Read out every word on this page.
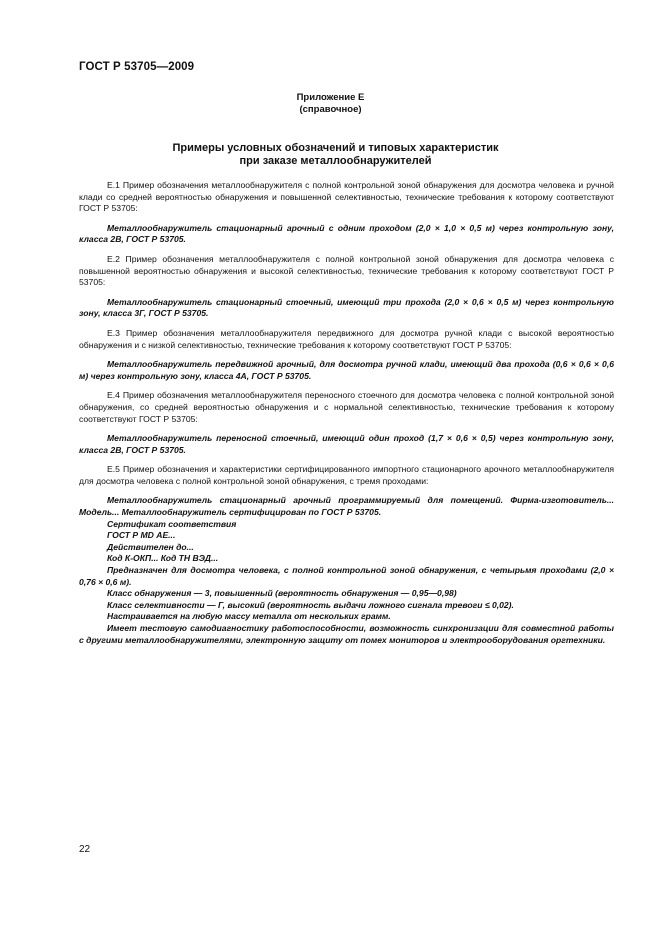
ГОСТ Р 53705—2009
Приложение Е
(справочное)
Примеры условных обозначений и типовых характеристик
при заказе металлообнаружителей

Е.1 Пример обозначения металлообнаружителя с полной контрольной зоной обнаружения для досмотра человека и ручной клади со средней вероятностью обнаружения и повышенной селективностью, технические требования к которому соответствуют ГОСТ Р 53705:

Металлообнаружитель стационарный арочный с одним проходом (2,0 × 1,0 × 0,5 м) через контрольную зону, класса 2В, ГОСТ Р 53705.

Е.2 Пример обозначения металлообнаружителя с полной контрольной зоной обнаружения для досмотра человека с повышенной вероятностью обнаружения и высокой селективностью, технические требования к которому соответствуют ГОСТ Р 53705:

Металлообнаружитель стационарный стоечный, имеющий три прохода (2,0 × 0,6 × 0,5 м) через контрольную зону, класса 3Г, ГОСТ Р 53705.

Е.3 Пример обозначения металлообнаружителя передвижного для досмотра ручной клади с высокой вероятностью обнаружения и с низкой селективностью, технические требования к которому соответствуют ГОСТ Р 53705:

Металлообнаружитель передвижной арочный, для досмотра ручной клади, имеющий два прохода (0,6 × 0,6 × 0,6 м) через контрольную зону, класса 4А, ГОСТ Р 53705.

Е.4 Пример обозначения металлообнаружителя переносного стоечного для досмотра человека с полной контрольной зоной обнаружения, со средней вероятностью обнаружения и с нормальной селективностью, технические требования к которому соответствуют ГОСТ Р 53705:

Металлообнаружитель переносной стоечный, имеющий один проход (1,7 × 0,6 × 0,5) через контрольную зону, класса 2В, ГОСТ Р 53705.

Е.5 Пример обозначения и характеристики сертифицированного импортного стационарного арочного металлообнаружителя для досмотра человека с полной контрольной зоной обнаружения, с тремя проходами:

Металлообнаружитель стационарный арочный программируемый для помещений. Фирма-изготовитель... Модель... Металлообнаружитель сертифицирован по ГОСТ Р 53705.

Сертификат соответствия

ГОСТ Р MD АЕ...

Действителен до...

Код К-ОКП... Код ТН ВЭД...

Предназначен для досмотра человека, с полной контрольной зоной обнаружения, с четырьмя проходами (2,0 × 0,76 × 0,6 м).

Класс обнаружения — 3, повышенный (вероятность обнаружения — 0,95—0,98)

Класс селективности — Г, высокий (вероятность выдачи ложного сигнала тревоги ≤ 0,02).

Настраивается на любую массу металла от нескольких грамм.

Имеет тестовую самодиагностику работоспособности, возможность синхронизации для совместной работы с другими металлообнаружителями, электронную защиту от помех мониторов и электрооборудования оргтехники.

22
